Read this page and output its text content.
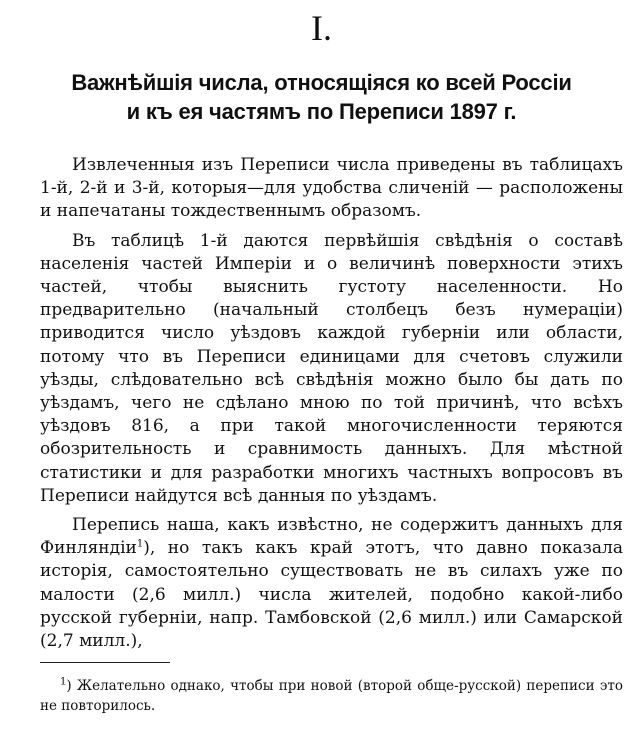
I.
Важнѣйшія числа, относящіяся ко всей Россіи
и къ ея частямъ по Переписи 1897 г.

Извлеченныя изъ Переписи числа приведены въ таблицахъ 1-й, 2-й и 3-й, которыя—для удобства сличеній — расположены и напечатаны тождественнымъ образомъ.

Въ таблицѣ 1-й даются первѣйшія свѣдѣнія о составѣ населенія частей Имперіи и о величинѣ поверхности этихъ частей, чтобы выяснить густоту населенности. Но предварительно (начальный столбецъ безъ нумераціи) приводится число уѣздовъ каждой губерніи или области, потому что въ Переписи единицами для счетовъ служили уѣзды, слѣдовательно всѣ свѣдѣнія можно было бы дать по уѣздамъ, чего не сдѣлано мною по той причинѣ, что всѣхъ уѣздовъ 816, а при такой многочисленности теряются обозрительность и сравнимость данныхъ. Для мѣстной статистики и для разработки многихъ частныхъ вопросовъ въ Переписи найдутся всѣ данныя по уѣздамъ.

Перепись наша, какъ извѣстно, не содержитъ данныхъ для Финляндіи$^1$), но такъ какъ край этотъ, что давно показала исторія, самостоятельно существовать не въ силахъ уже по малости (2,6 милл.) числа жителей, подобно какой-либо русской губерніи, напр. Тамбовской (2,6 милл.) или Самарской (2,7 милл.),

$^1$) Желательно однако, чтобы при новой (второй обще-русской) переписи это не повторилось.
